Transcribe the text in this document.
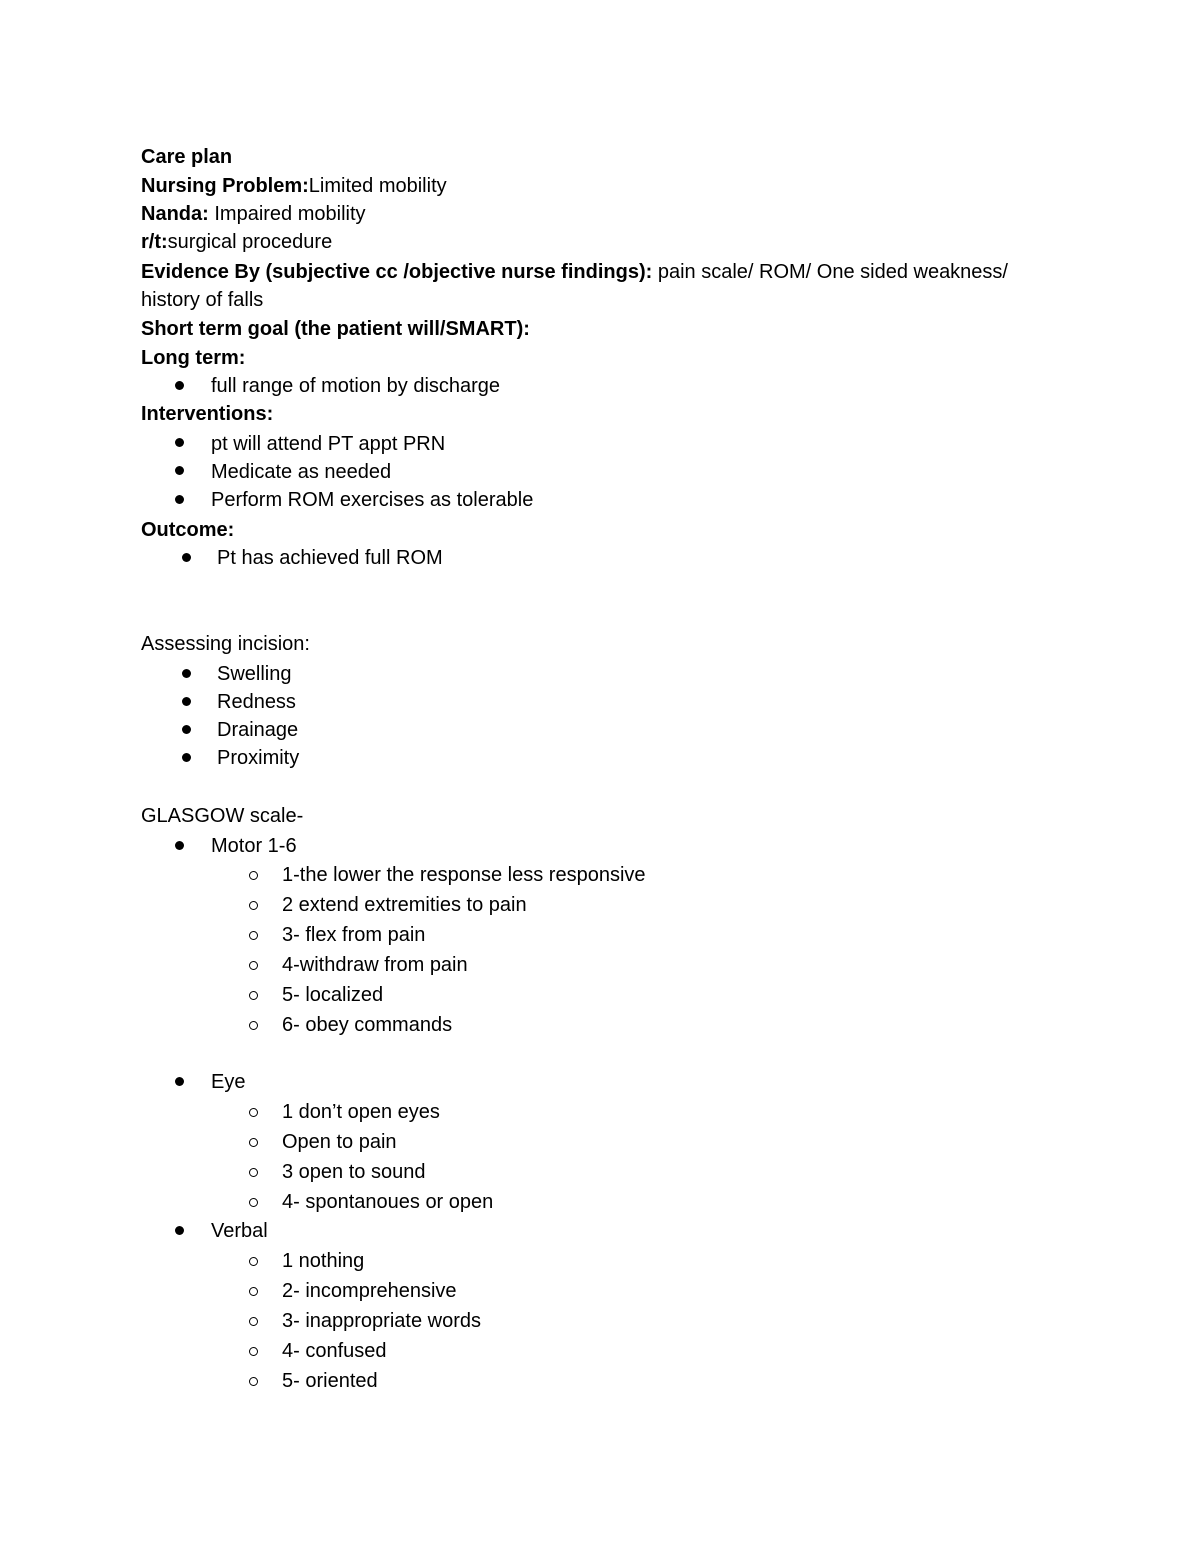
Care plan
Nursing Problem:Limited mobility
Nanda: Impaired mobility
r/t:surgical procedure
Evidence By (subjective cc /objective nurse findings): pain scale/ ROM/ One sided weakness/
history of falls
Short term goal (the patient will/SMART):
Long term:
full range of motion by discharge
Interventions:
pt will attend PT appt PRN
Medicate as needed
Perform ROM exercises as tolerable
Outcome:
Pt has achieved full ROM
Assessing incision:
Swelling
Redness
Drainage
Proximity
GLASGOW scale-
Motor 1-6
1-the lower the response less responsive
2 extend extremities to pain
3- flex from pain
4-withdraw from pain
5- localized
6- obey commands
Eye
1 don’t open eyes
Open to pain
3 open to sound
4- spontanoues or open
Verbal
1 nothing
2- incomprehensive
3- inappropriate words
4- confused
5- oriented
